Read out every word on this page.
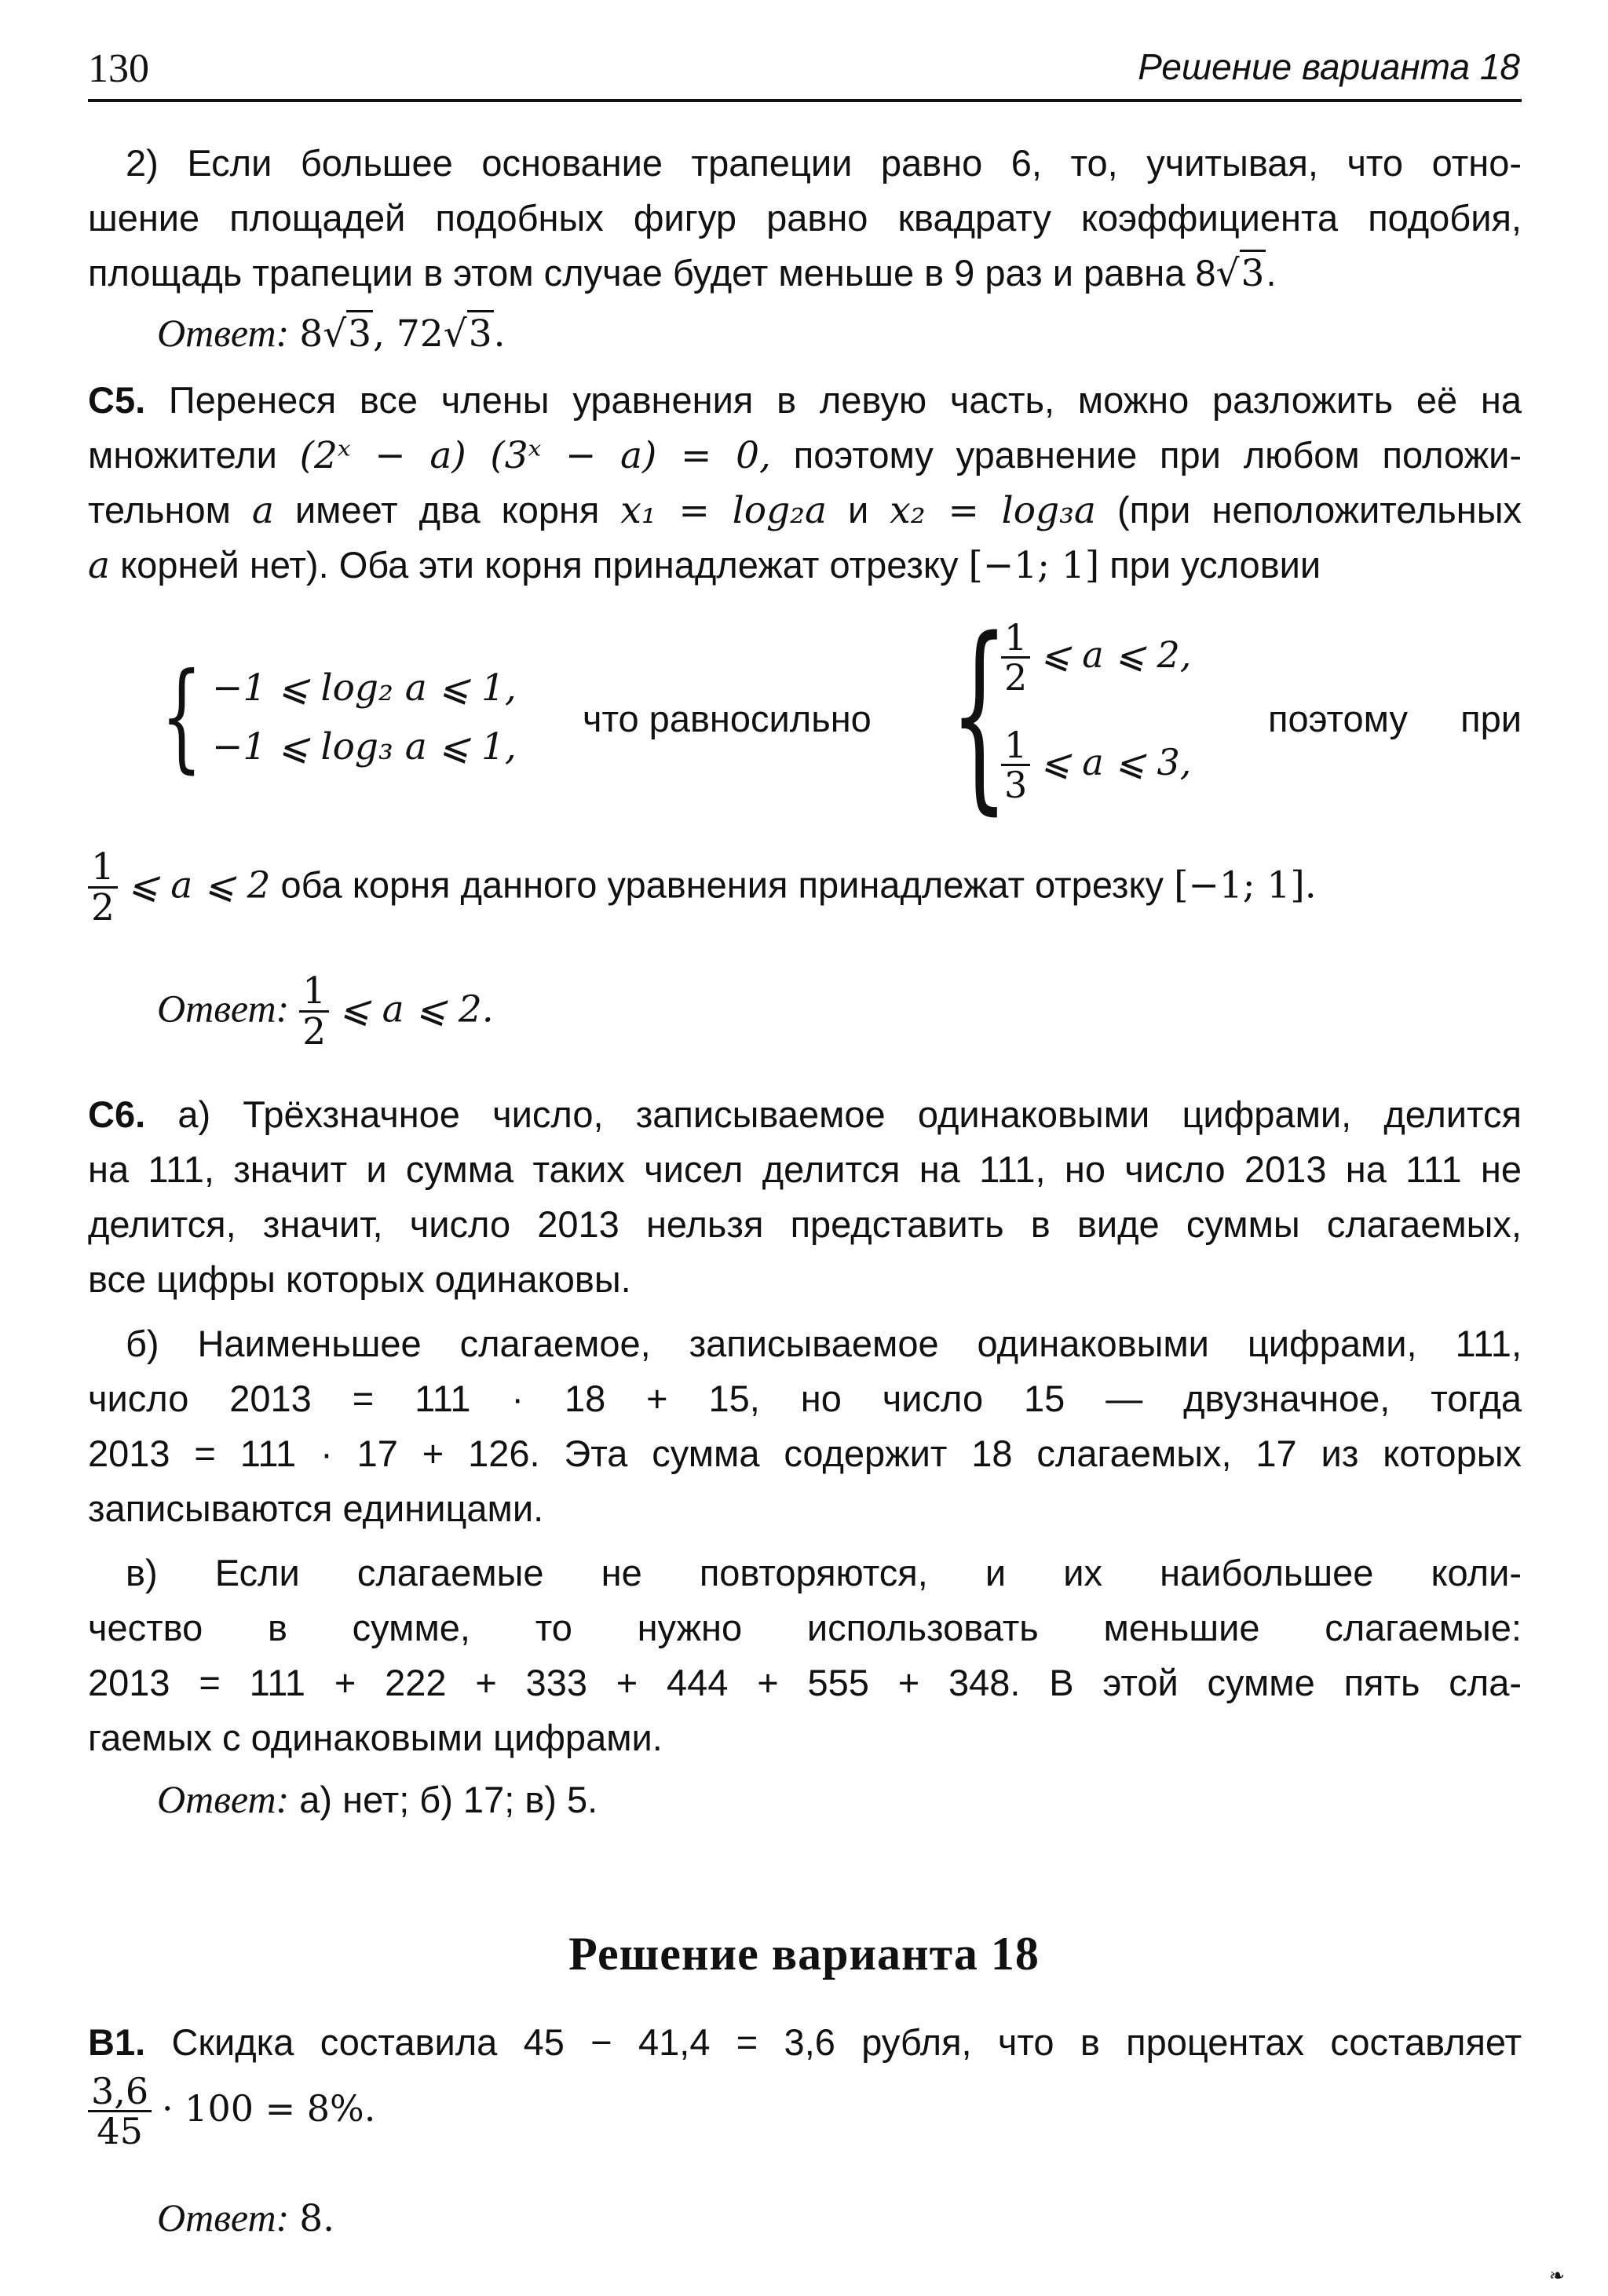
130	Решение варианта 18
2) Если большее основание трапеции равно 6, то, учитывая, что отно-
шение площадей подобных фигур равно квадрату коэффициента подобия,
площадь трапеции в этом случае будет меньше в 9 раз и равна 8√3.
Ответ: 8√3, 72√3.
C5. Перенеся все члены уравнения в левую часть, можно разложить её на
множители (2ˣ − a) (3ˣ − a) = 0, поэтому уравнение при любом положи-
тельном a имеет два корня x₁ = log₂a и x₂ = log₃a (при неположительных
a корней нет). Оба эти корня принадлежат отрезку [−1; 1] при условии
{ −1 ⩽ log₂ a ⩽ 1,
−1 ⩽ log₃ a ⩽ 1,
что равносильно {
$\frac{1}{2}$ ⩽ a ⩽ 2,
$\frac{1}{3}$ ⩽ a ⩽ 3,
поэтому при
$\frac{1}{2}$ ⩽ a ⩽ 2 оба корня данного уравнения принадлежат отрезку [−1; 1].
Ответ: $\frac{1}{2}$ ⩽ a ⩽ 2.
C6. а) Трёхзначное число, записываемое одинаковыми цифрами, делится
на 111, значит и сумма таких чисел делится на 111, но число 2013 на 111 не
делится, значит, число 2013 нельзя представить в виде суммы слагаемых,
все цифры которых одинаковы.
б) Наименьшее слагаемое, записываемое одинаковыми цифрами, 111,
число 2013 = 111 · 18 + 15, но число 15 — двузначное, тогда
2013 = 111 · 17 + 126. Эта сумма содержит 18 слагаемых, 17 из которых
записываются единицами.
в) Если слагаемые не повторяются, и их наибольшее коли-
чество в сумме, то нужно использовать меньшие слагаемые:
2013 = 111 + 222 + 333 + 444 + 555 + 348. В этой сумме пять сла-
гаемых с одинаковыми цифрами.
Ответ: а) нет; б) 17; в) 5.
Решение варианта 18
B1. Скидка составила 45 − 41,4 = 3,6 рубля, что в процентах составляет
$\frac{3,6}{45} \cdot 100 = 8\%$.
Ответ: 8.
❧
